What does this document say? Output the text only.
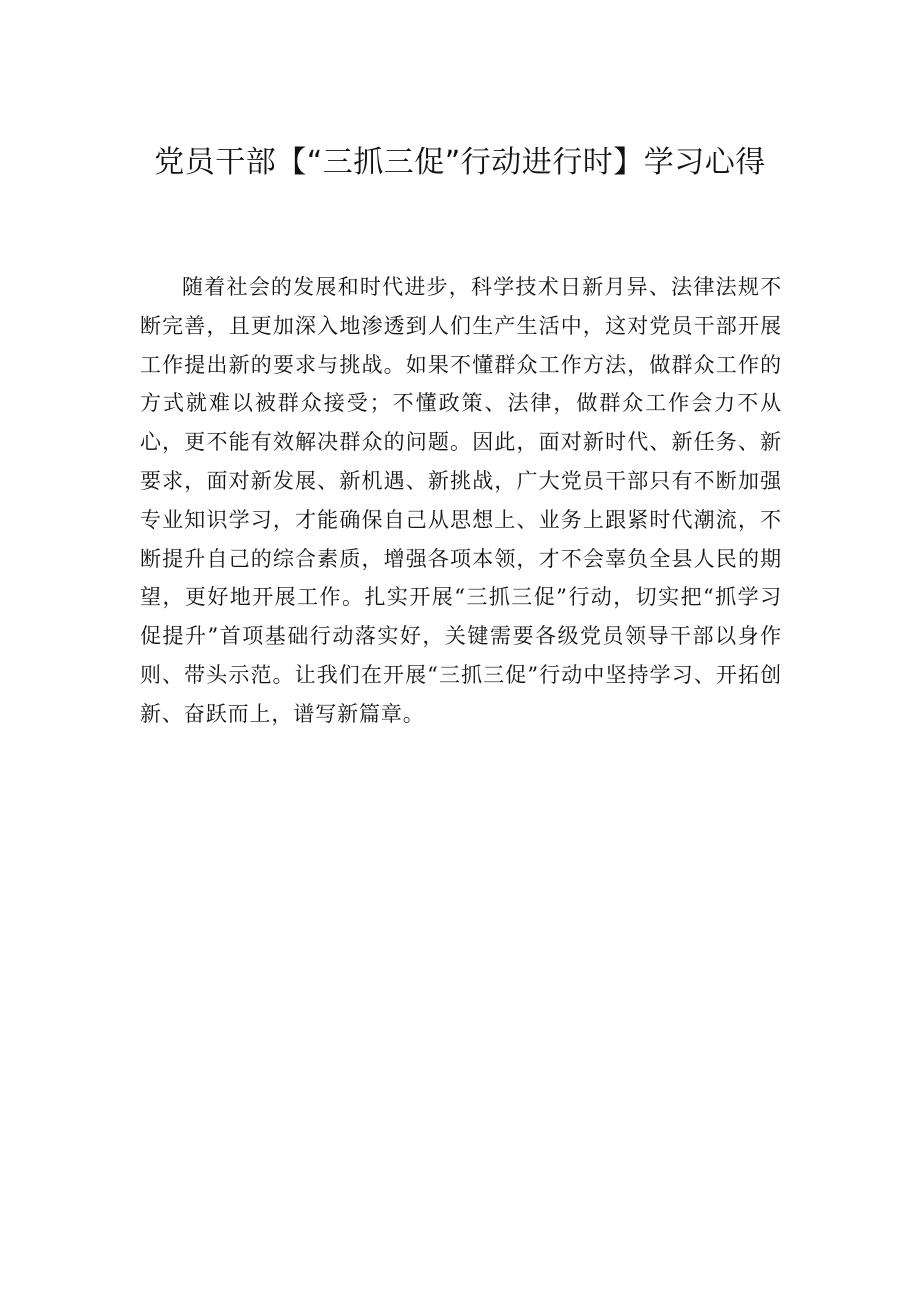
党员干部【“三抓三促”行动进行时】学习心得

随着社会的发展和时代进步，科学技术日新月异、法律法规不断完善，且更加深入地渗透到人们生产生活中，这对党员干部开展工作提出新的要求与挑战。如果不懂群众工作方法，做群众工作的方式就难以被群众接受；不懂政策、法律，做群众工作会力不从心，更不能有效解决群众的问题。因此，面对新时代、新任务、新要求，面对新发展、新机遇、新挑战，广大党员干部只有不断加强专业知识学习，才能确保自己从思想上、业务上跟紧时代潮流，不断提升自己的综合素质，增强各项本领，才不会辜负全县人民的期望，更好地开展工作。扎实开展“三抓三促”行动，切实把“抓学习促提升”首项基础行动落实好，关键需要各级党员领导干部以身作则、带头示范。让我们在开展“三抓三促”行动中坚持学习、开拓创新、奋跃而上，谱写新篇章。
